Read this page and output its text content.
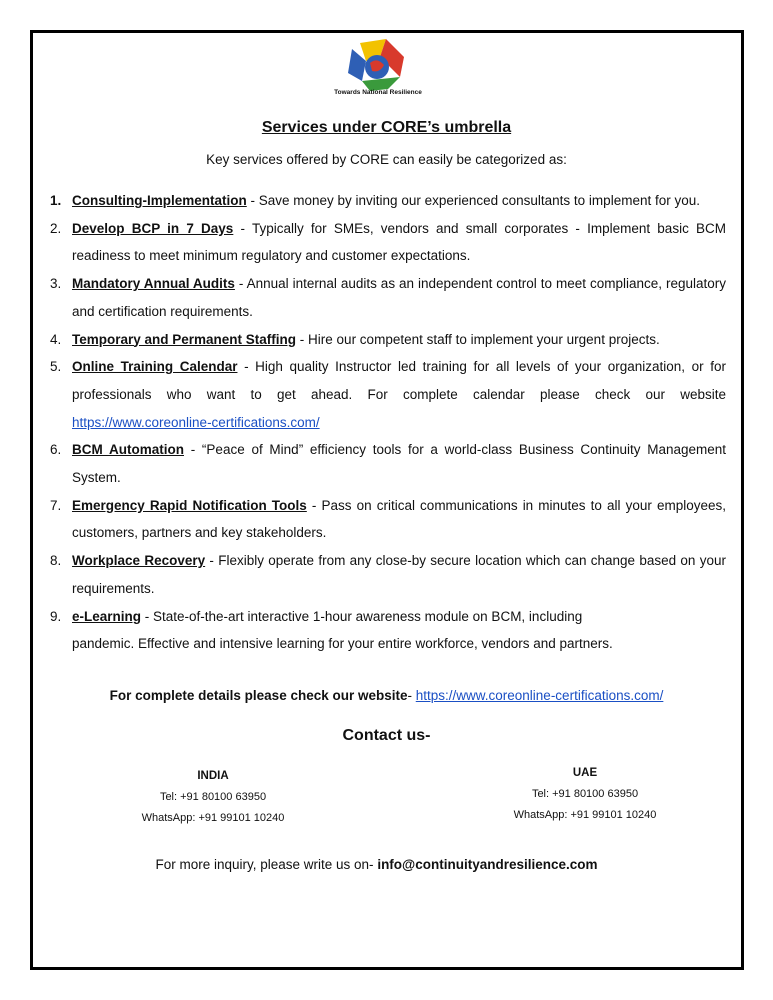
Towards National Resilience
Services under CORE’s umbrella
Key services offered by CORE can easily be categorized as:
1. Consulting-Implementation - Save money by inviting our experienced consultants to implement for you.
2. Develop BCP in 7 Days - Typically for SMEs, vendors and small corporates - Implement basic BCM readiness to meet minimum regulatory and customer expectations.
3. Mandatory Annual Audits - Annual internal audits as an independent control to meet compliance, regulatory and certification requirements.
4. Temporary and Permanent Staffing - Hire our competent staff to implement your urgent projects.
5. Online Training Calendar - High quality Instructor led training for all levels of your organization, or for professionals who want to get ahead. For complete calendar please check our website https://www.coreonline-certifications.com/
6. BCM Automation - “Peace of Mind” efficiency tools for a world-class Business Continuity Management System.
7. Emergency Rapid Notification Tools - Pass on critical communications in minutes to all your employees, customers, partners and key stakeholders.
8. Workplace Recovery - Flexibly operate from any close-by secure location which can change based on your requirements.
9. e-Learning - State-of-the-art interactive 1-hour awareness module on BCM, including
pandemic. Effective and intensive learning for your entire workforce, vendors and partners.
For complete details please check our website- https://www.coreonline-certifications.com/
Contact us-
INDIA
Tel: +91 80100 63950
WhatsApp: +91 99101 10240
UAE
Tel: +91 80100 63950
WhatsApp: +91 99101 10240
For more inquiry, please write us on- info@continuityandresilience.com
